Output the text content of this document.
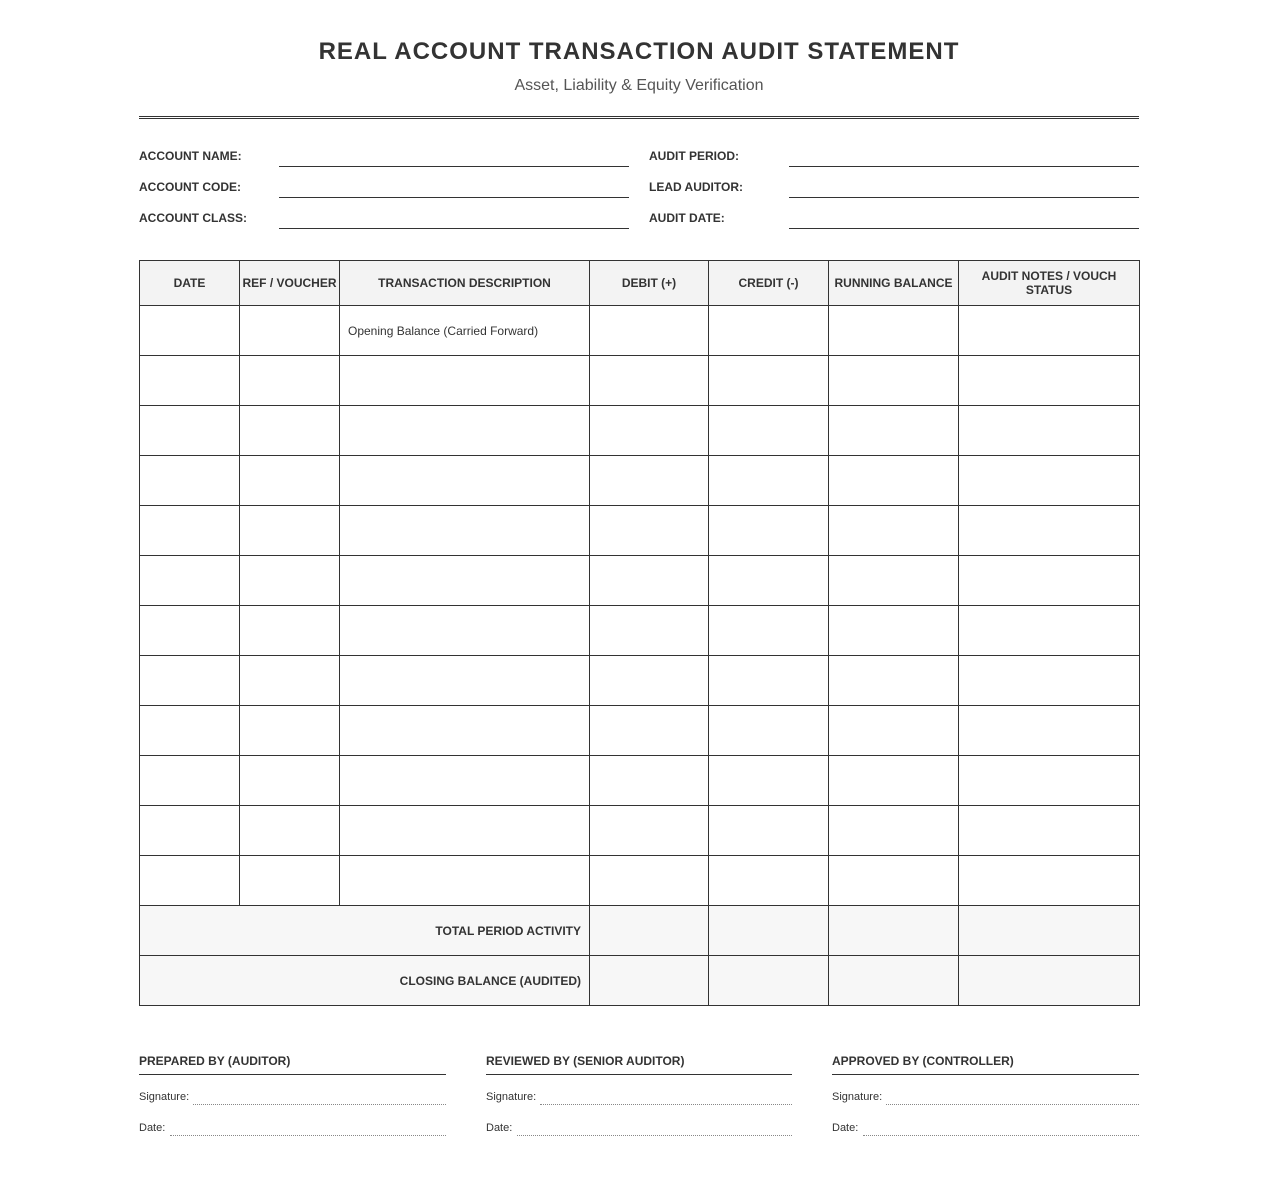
REAL ACCOUNT TRANSACTION AUDIT STATEMENT
Asset, Liability & Equity Verification
ACCOUNT NAME:
ACCOUNT CODE:
ACCOUNT CLASS:
AUDIT PERIOD:
LEAD AUDITOR:
AUDIT DATE:
DATE	REF / VOUCHER	TRANSACTION DESCRIPTION	DEBIT (+)	CREDIT (-)	RUNNING BALANCE	AUDIT NOTES / VOUCH STATUS
		Opening Balance (Carried Forward)				

TOTAL PERIOD ACTIVITY						
CLOSING BALANCE (AUDITED)						
PREPARED BY (AUDITOR)
Signature:
Date:
REVIEWED BY (SENIOR AUDITOR)
Signature:
Date:
APPROVED BY (CONTROLLER)
Signature:
Date:
